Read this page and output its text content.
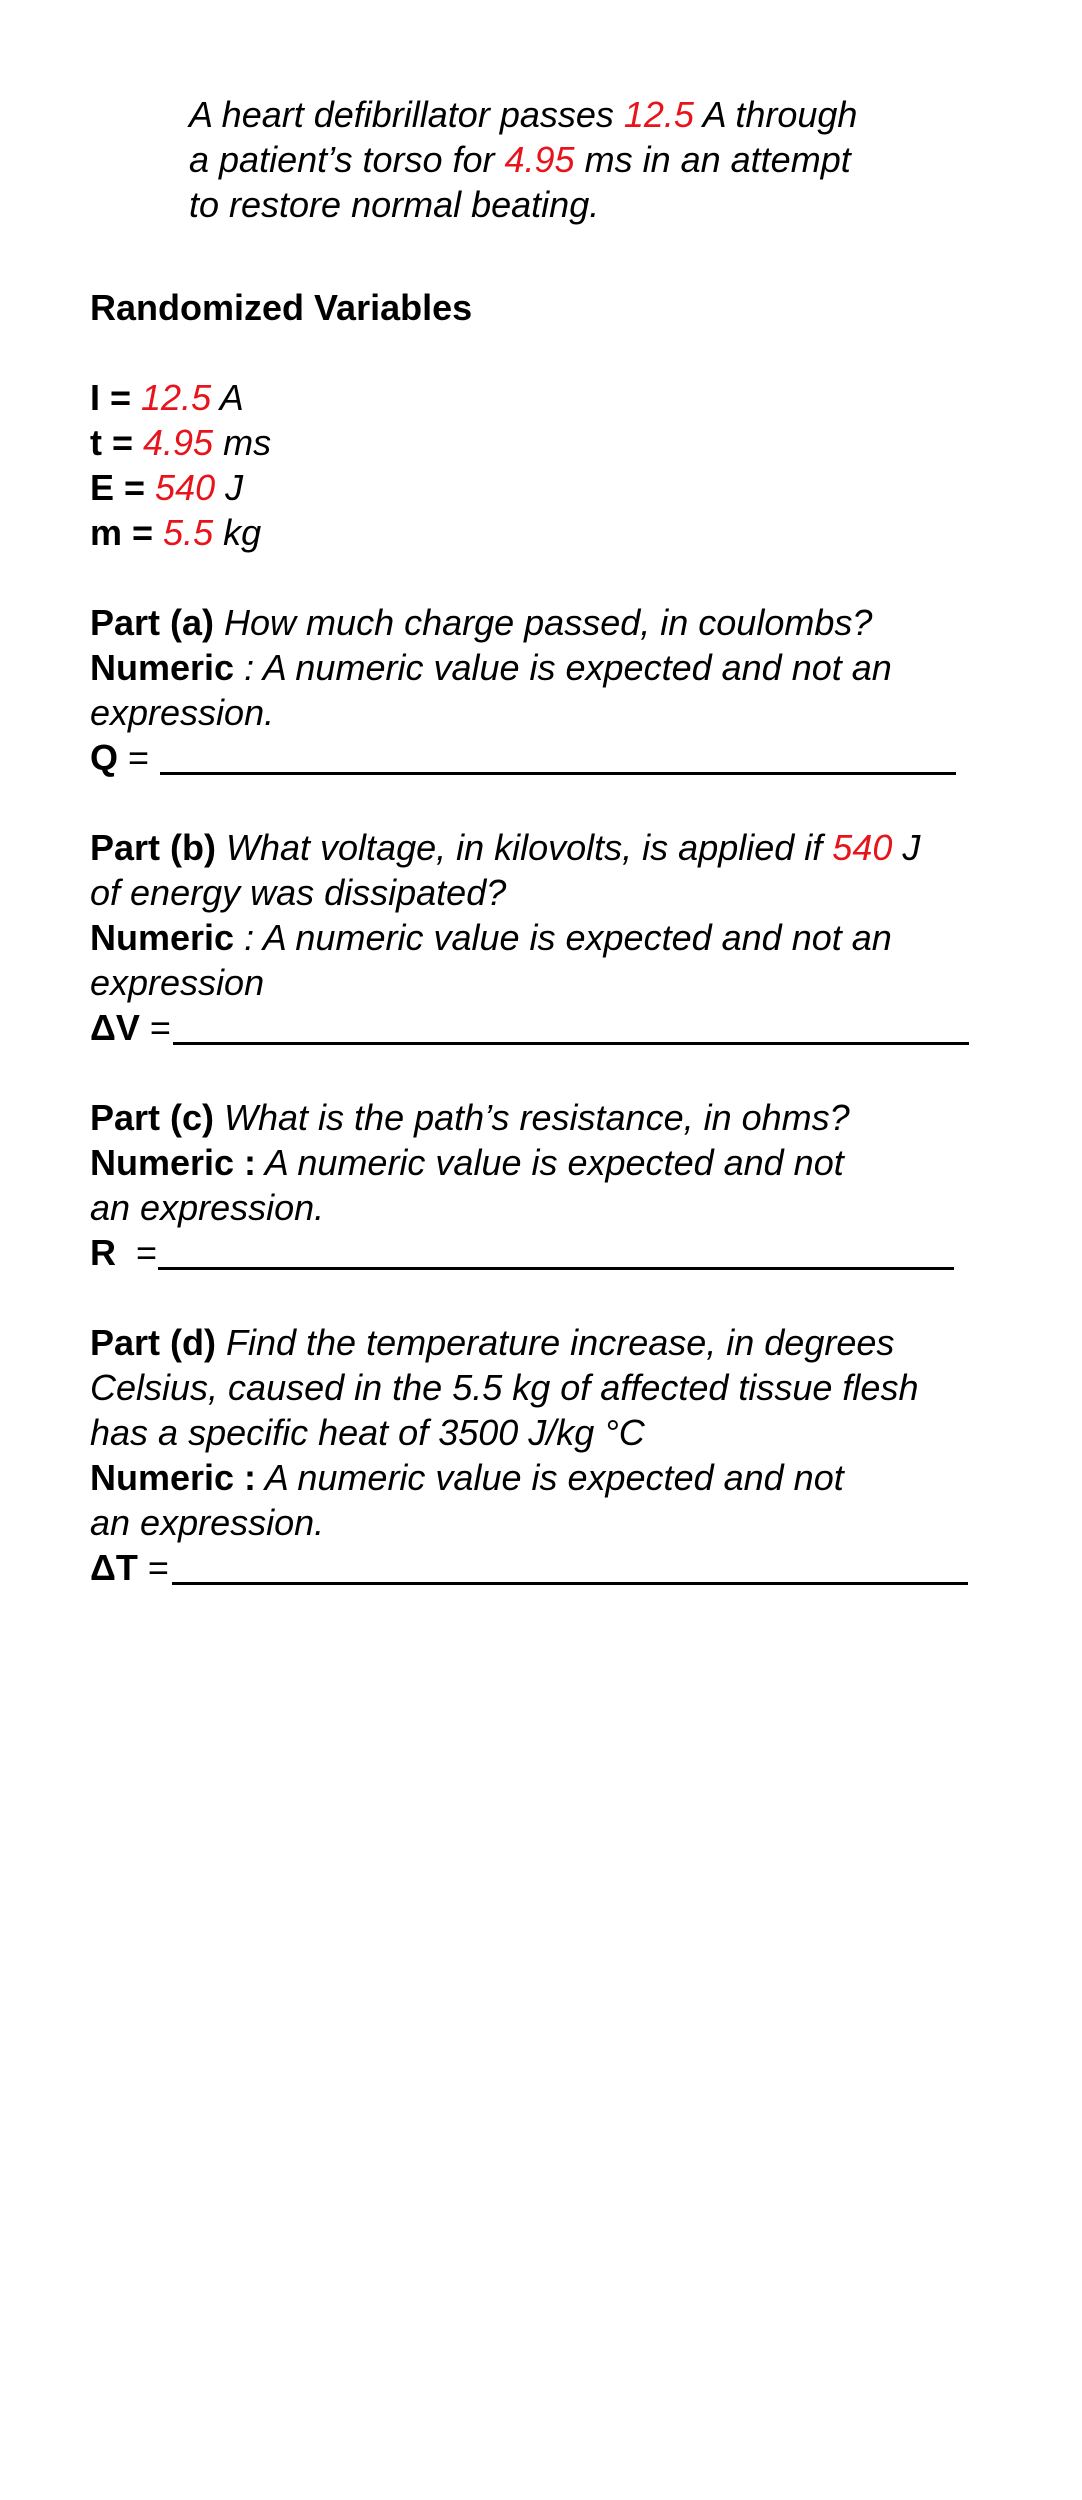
A heart defibrillator passes 12.5 A through
a patient’s torso for 4.95 ms in an attempt
to restore normal beating.
Randomized Variables
I = 12.5 A
t = 4.95 ms
E = 540 J
m = 5.5 kg
Part (a) How much charge passed, in coulombs?
Numeric : A numeric value is expected and not an
expression.
Q =
Part (b) What voltage, in kilovolts, is applied if 540 J
of energy was dissipated?
Numeric : A numeric value is expected and not an
expression
ΔV =
Part (c) What is the path’s resistance, in ohms?
Numeric : A numeric value is expected and not
an expression.
R  =
Part (d) Find the temperature increase, in degrees
Celsius, caused in the 5.5 kg of affected tissue flesh
has a specific heat of 3500 J/kg °C
Numeric : A numeric value is expected and not
an expression.
ΔT =
